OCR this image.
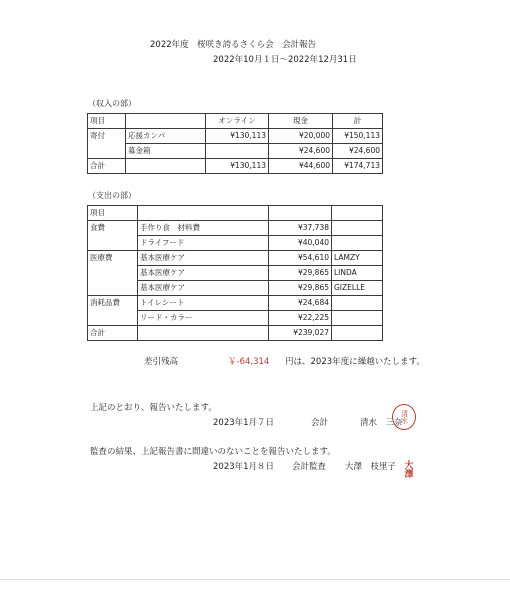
2022年度　桜咲き誇るさくら会　会計報告
2022年10月１日～2022年12月31日
（収入の部）
項目		オンライン	現金	計
寄付	応援カンパ	¥130,113	¥20,000	¥150,113
	募金箱		¥24,600	¥24,600
合計		¥130,113	¥44,600	¥174,713
（支出の部）
項目			
食費	手作り食　材料費	¥37,738	
	ドライフード	¥40,040	
医療費	基本医療ケア	¥54,610	LAMZY
	基本医療ケア	¥29,865	LINDA
	基本医療ケア	¥29,865	GIZELLE
消耗品費	トイレシート	¥24,684	
	リード・カラー	¥22,225	
合計		¥239,027	
差引残高	￥-64,314 円は、2023年度に繰越いたします。
上記のとおり、報告いたします。
2023年1月７日	会計	清水　三奈
清水
監査の結果、上記報告書に間違いのないことを報告いたします。
2023年1月８日 会計監査 大澤　枝里子 大澤
